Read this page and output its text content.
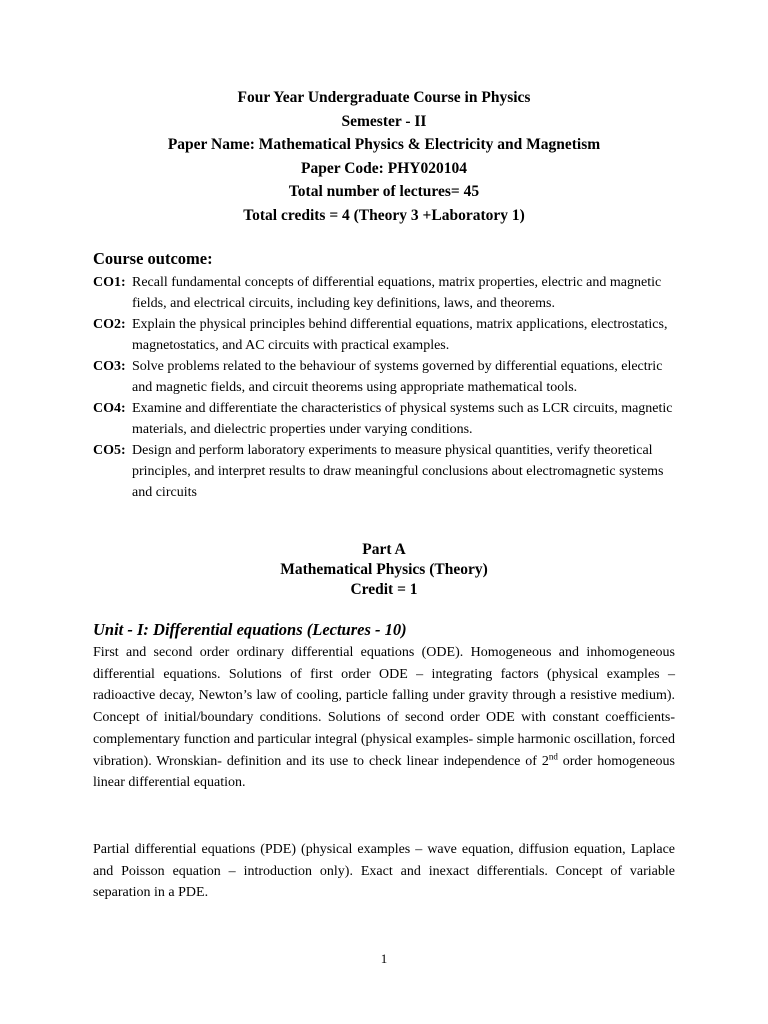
Four Year Undergraduate Course in Physics
Semester - II
Paper Name: Mathematical Physics & Electricity and Magnetism
Paper Code: PHY020104
Total number of lectures= 45
Total credits = 4 (Theory 3 +Laboratory 1)
Course outcome:
CO1: Recall fundamental concepts of differential equations, matrix properties, electric and magnetic fields, and electrical circuits, including key definitions, laws, and theorems.
CO2: Explain the physical principles behind differential equations, matrix applications, electrostatics, magnetostatics, and AC circuits with practical examples.
CO3: Solve problems related to the behaviour of systems governed by differential equations, electric and magnetic fields, and circuit theorems using appropriate mathematical tools.
CO4: Examine and differentiate the characteristics of physical systems such as LCR circuits, magnetic materials, and dielectric properties under varying conditions.
CO5: Design and perform laboratory experiments to measure physical quantities, verify theoretical principles, and interpret results to draw meaningful conclusions about electromagnetic systems and circuits
Part A
Mathematical Physics (Theory)
Credit = 1
Unit - I: Differential equations (Lectures - 10)

First and second order ordinary differential equations (ODE). Homogeneous and inhomogeneous differential equations. Solutions of first order ODE – integrating factors (physical examples – radioactive decay, Newton’s law of cooling, particle falling under gravity through a resistive medium). Concept of initial/boundary conditions. Solutions of second order ODE with constant coefficients- complementary function and particular integral (physical examples- simple harmonic oscillation, forced vibration). Wronskian- definition and its use to check linear independence of 2nd order homogeneous linear differential equation.

Partial differential equations (PDE) (physical examples – wave equation, diffusion equation, Laplace and Poisson equation – introduction only). Exact and inexact differentials. Concept of variable separation in a PDE.

1
